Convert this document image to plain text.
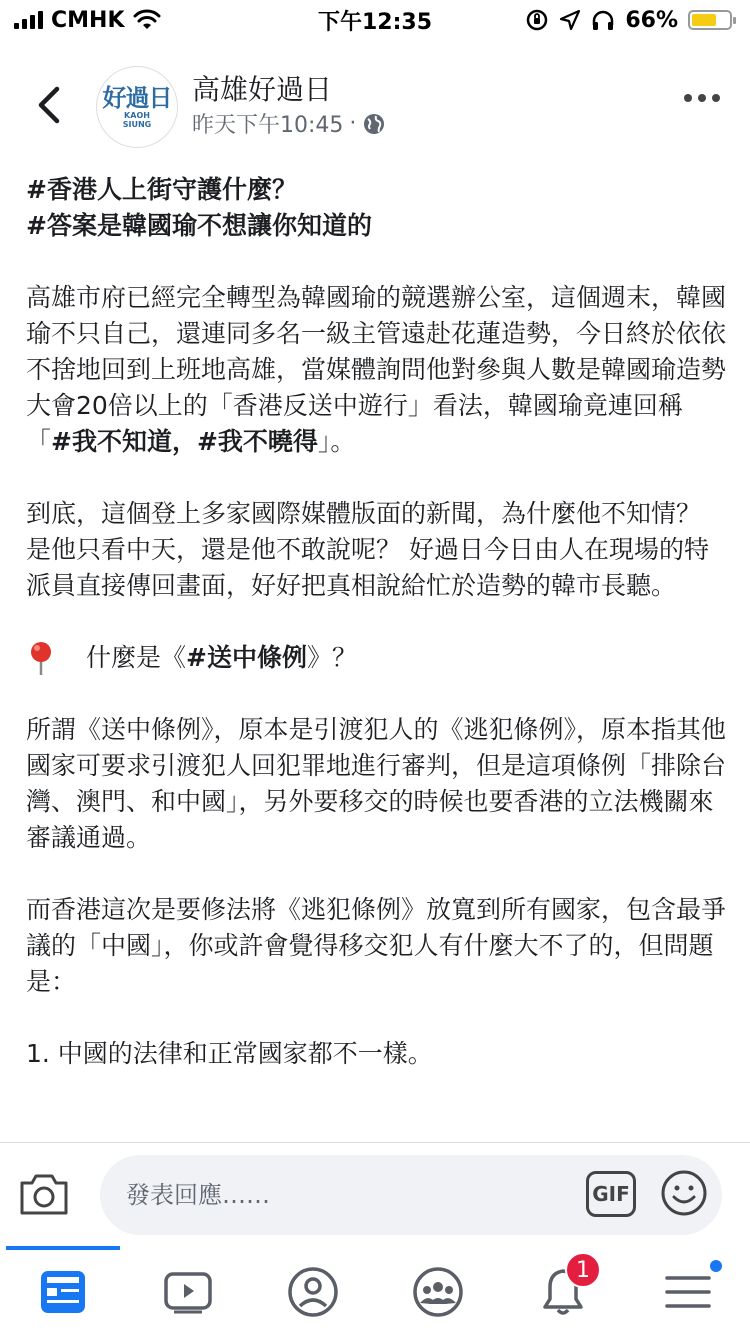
CMHK	下午12:35	66%
好過日
KAOH
SIUNG
高雄好過日
昨天下午10:45 ·

#香港人上街守護什麼？
#答案是韓國瑜不想讓你知道的

高雄市府已經完全轉型為韓國瑜的競選辦公室，這個週末，韓國瑜不只自己，還連同多名一級主管遠赴花蓮造勢，今日終於依依不捨地回到上班地高雄，當媒體詢問他對參與人數是韓國瑜造勢大會20倍以上的「香港反送中遊行」看法，韓國瑜竟連回稱「#我不知道，#我不曉得」。

到底，這個登上多家國際媒體版面的新聞，為什麼他不知情？ 是他只看中天，還是他不敢說呢？ 好過日今日由人在現場的特派員直接傳回畫面，好好把真相說給忙於造勢的韓市長聽。

什麼是《#送中條例》？

所謂《送中條例》，原本是引渡犯人的《逃犯條例》，原本指其他國家可要求引渡犯人回犯罪地進行審判，但是這項條例「排除台灣、澳門、和中國」，另外要移交的時候也要香港的立法機關來審議通過。

而香港這次是要修法將《逃犯條例》放寬到所有國家，包含最爭議的「中國」，你或許會覺得移交犯人有什麼大不了的，但問題是：

1. 中國的法律和正常國家都不一樣。

發表回應……
GIF
1
